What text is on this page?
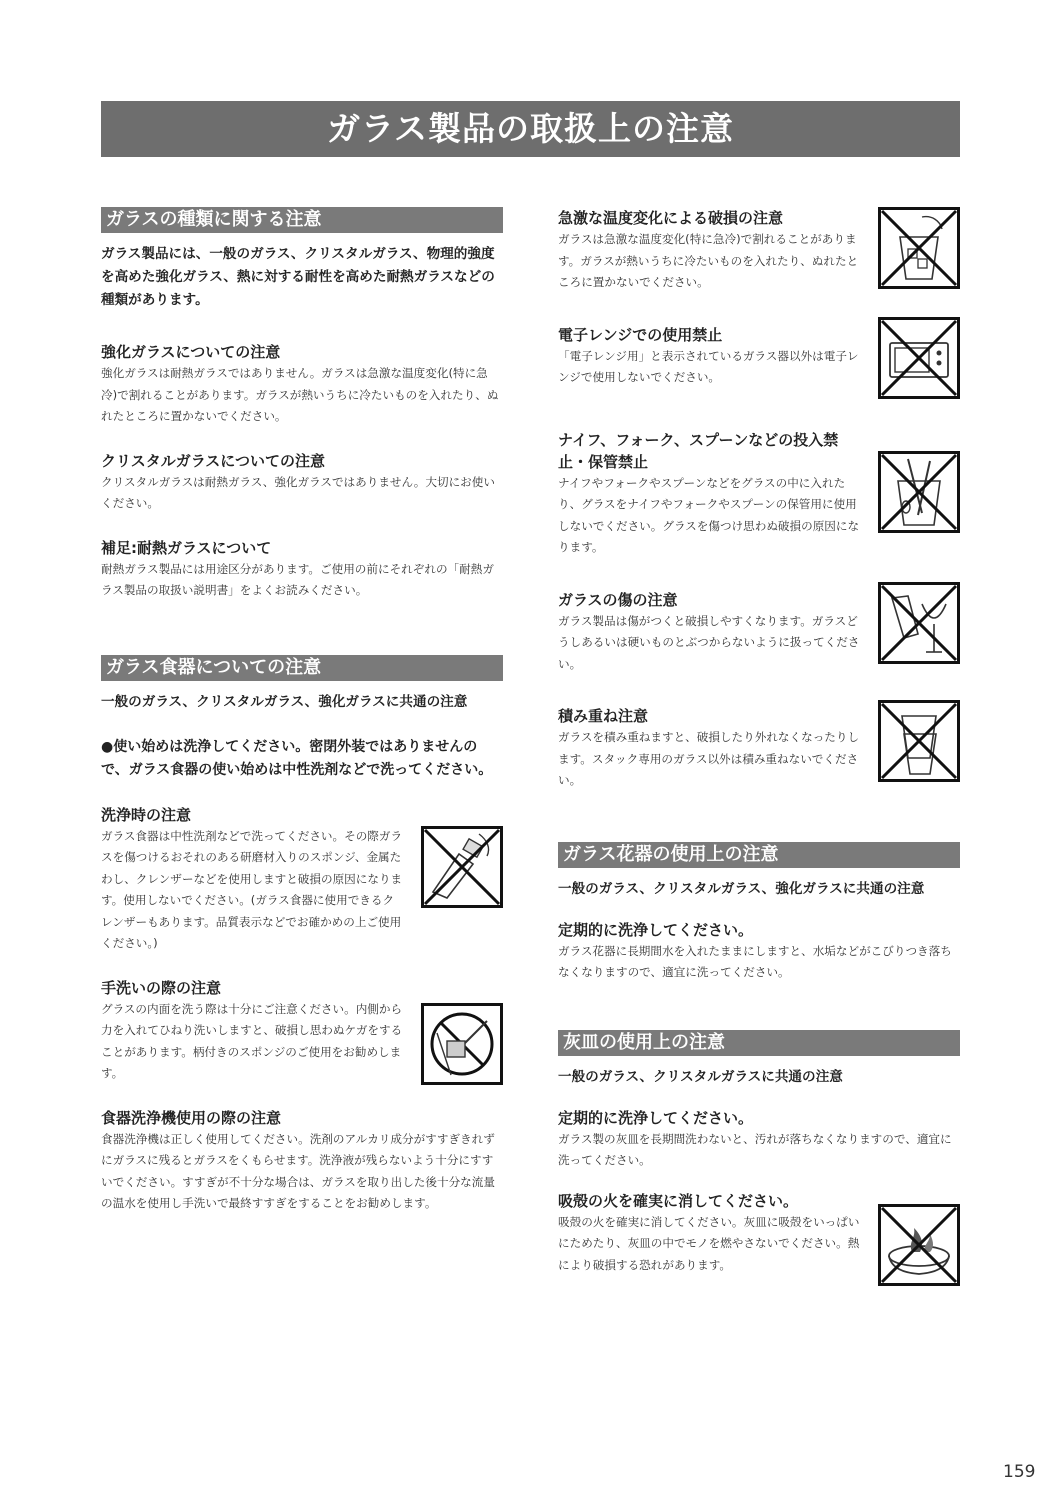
ガラス製品の取扱上の注意
ガラスの種類に関する注意
ガラス製品には、一般のガラス、クリスタルガラス、物理的強度を高めた強化ガラス、熱に対する耐性を高めた耐熱ガラスなどの種類があります。
強化ガラスについての注意
強化ガラスは耐熱ガラスではありません。ガラスは急激な温度変化(特に急冷)で割れることがあります。ガラスが熱いうちに冷たいものを入れたり、ぬれたところに置かないでください。
クリスタルガラスについての注意
クリスタルガラスは耐熱ガラス、強化ガラスではありません。大切にお使いください。
補足:耐熱ガラスについて
耐熱ガラス製品には用途区分があります。ご使用の前にそれぞれの「耐熱ガラス製品の取扱い説明書」をよくお読みください。
ガラス食器についての注意
一般のガラス、クリスタルガラス、強化ガラスに共通の注意
●使い始めは洗浄してください。密閉外装ではありませんので、ガラス食器の使い始めは中性洗剤などで洗ってください。
洗浄時の注意
ガラス食器は中性洗剤などで洗ってください。その際ガラスを傷つけるおそれのある研磨材入りのスポンジ、金属たわし、クレンザーなどを使用しますと破損の原因になります。使用しないでください。(ガラス食器に使用できるクレンザーもあります。品質表示などでお確かめの上ご使用ください。)
手洗いの際の注意
グラスの内面を洗う際は十分にご注意ください。内側から力を入れてひねり洗いしますと、破損し思わぬケガをすることがあります。柄付きのスポンジのご使用をお勧めします。
食器洗浄機使用の際の注意
食器洗浄機は正しく使用してください。洗剤のアルカリ成分がすすぎきれずにガラスに残るとガラスをくもらせます。洗浄液が残らないよう十分にすすいでください。すすぎが不十分な場合は、ガラスを取り出した後十分な流量の温水を使用し手洗いで最終すすぎをすることをお勧めします。
急激な温度変化による破損の注意
ガラスは急激な温度変化(特に急冷)で割れることがあります。ガラスが熱いうちに冷たいものを入れたり、ぬれたところに置かないでください。
電子レンジでの使用禁止
「電子レンジ用」と表示されているガラス器以外は電子レンジで使用しないでください。
ナイフ、フォーク、スプーンなどの投入禁止・保管禁止
ナイフやフォークやスプーンなどをグラスの中に入れたり、グラスをナイフやフォークやスプーンの保管用に使用しないでください。グラスを傷つけ思わぬ破損の原因になります。
ガラスの傷の注意
ガラス製品は傷がつくと破損しやすくなります。ガラスどうしあるいは硬いものとぶつからないように扱ってください。
積み重ね注意
ガラスを積み重ねますと、破損したり外れなくなったりします。スタック専用のガラス以外は積み重ねないでください。
ガラス花器の使用上の注意
一般のガラス、クリスタルガラス、強化ガラスに共通の注意
定期的に洗浄してください。
ガラス花器に長期間水を入れたままにしますと、水垢などがこびりつき落ちなくなりますので、適宜に洗ってください。
灰皿の使用上の注意
一般のガラス、クリスタルガラスに共通の注意
定期的に洗浄してください。
ガラス製の灰皿を長期間洗わないと、汚れが落ちなくなりますので、適宜に洗ってください。
吸殻の火を確実に消してください。
吸殻の火を確実に消してください。灰皿に吸殻をいっぱいにためたり、灰皿の中でモノを燃やさないでください。熱により破損する恐れがあります。
159
